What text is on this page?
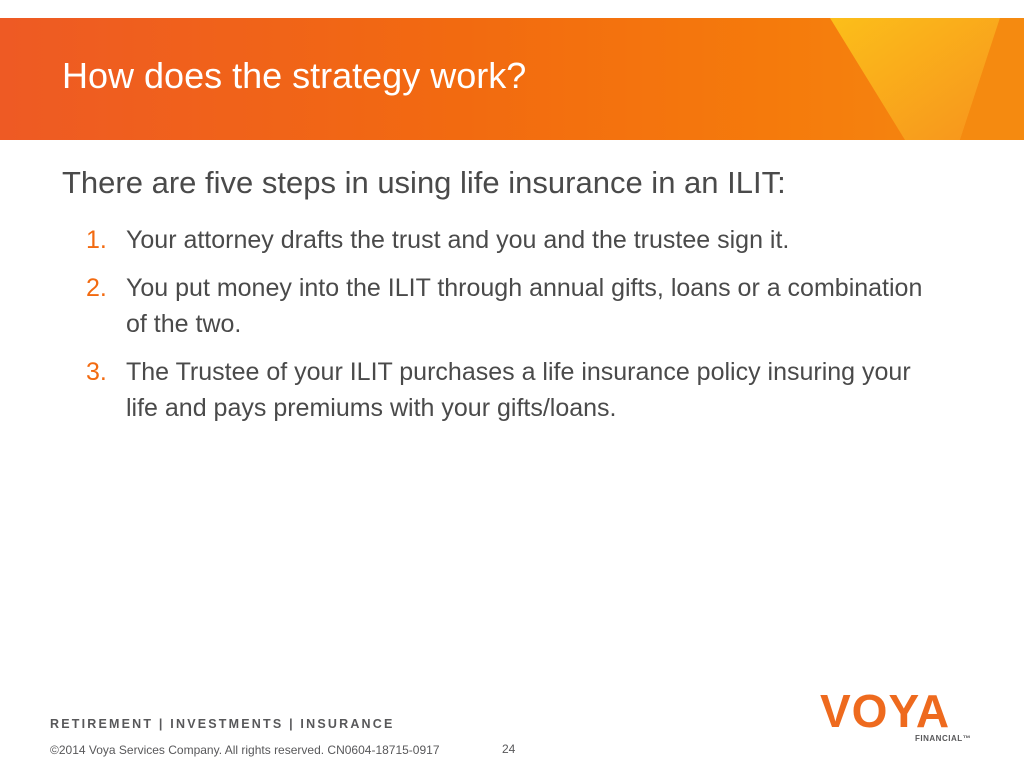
How does the strategy work?
There are five steps in using life insurance in an ILIT:
1. Your attorney drafts the trust and you and the trustee sign it.
2. You put money into the ILIT through annual gifts, loans or a combination of the two.
3. The Trustee of your ILIT purchases a life insurance policy insuring your life and pays premiums with your gifts/loans.
RETIREMENT | INVESTMENTS | INSURANCE
©2014 Voya Services Company. All rights reserved. CN0604-18715-0917	24
VOYA
FINANCIAL™
